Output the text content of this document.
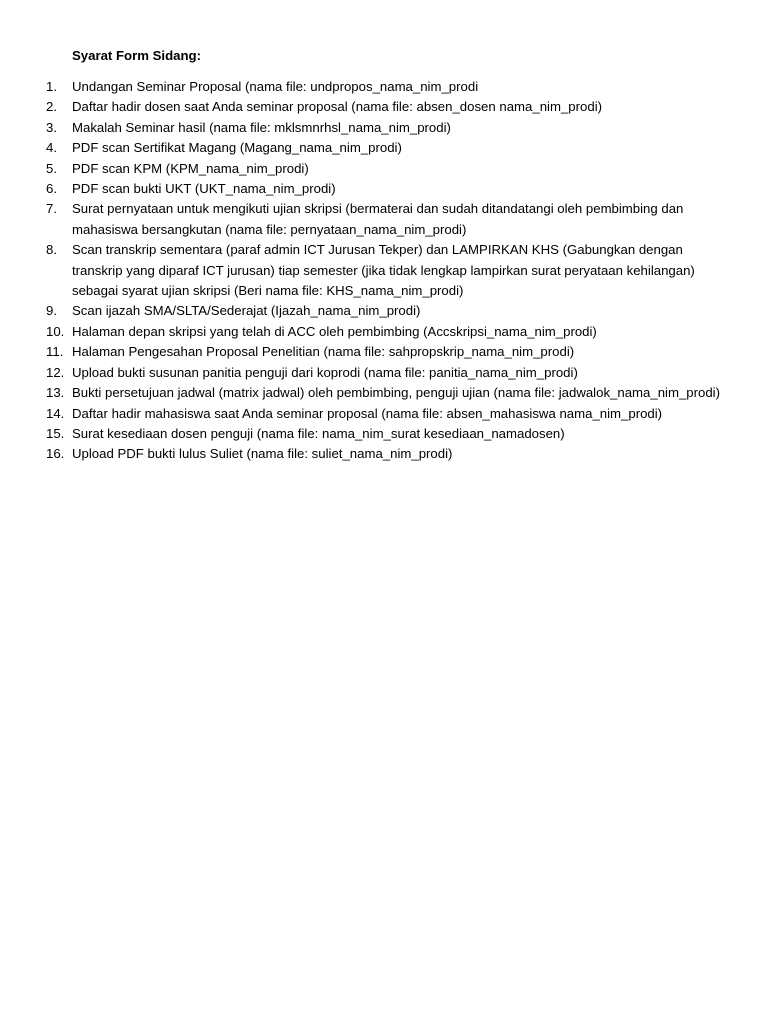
Syarat Form Sidang:
1.	Undangan Seminar Proposal (nama file: undpropos_nama_nim_prodi
2.	Daftar hadir dosen saat Anda seminar proposal (nama file: absen_dosen nama_nim_prodi)
3.	Makalah Seminar hasil (nama file: mklsmnrhsl_nama_nim_prodi)
4.	PDF scan Sertifikat Magang (Magang_nama_nim_prodi)
5.	PDF scan KPM (KPM_nama_nim_prodi)
6.	PDF scan bukti UKT (UKT_nama_nim_prodi)
7.	Surat pernyataan untuk mengikuti ujian skripsi (bermaterai dan sudah ditandatangi oleh pembimbing dan mahasiswa bersangkutan (nama file: pernyataan_nama_nim_prodi)
8.	Scan transkrip sementara (paraf admin ICT Jurusan Tekper) dan LAMPIRKAN KHS (Gabungkan dengan transkrip yang diparaf ICT jurusan) tiap semester (jika tidak lengkap lampirkan surat peryataan kehilangan) sebagai syarat ujian skripsi (Beri nama file: KHS_nama_nim_prodi)
9.	Scan ijazah SMA/SLTA/Sederajat (Ijazah_nama_nim_prodi)
10. Halaman depan skripsi yang telah di ACC oleh pembimbing (Accskripsi_nama_nim_prodi)
11. Halaman Pengesahan Proposal Penelitian (nama file: sahpropskrip_nama_nim_prodi)
12. Upload bukti susunan panitia penguji dari koprodi (nama file: panitia_nama_nim_prodi)
13. Bukti persetujuan jadwal (matrix jadwal) oleh pembimbing, penguji ujian (nama file: jadwalok_nama_nim_prodi)
14. Daftar hadir mahasiswa saat Anda seminar proposal (nama file: absen_mahasiswa nama_nim_prodi)
15. Surat kesediaan dosen penguji (nama file: nama_nim_surat kesediaan_namadosen)
16. Upload PDF bukti lulus Suliet (nama file: suliet_nama_nim_prodi)
